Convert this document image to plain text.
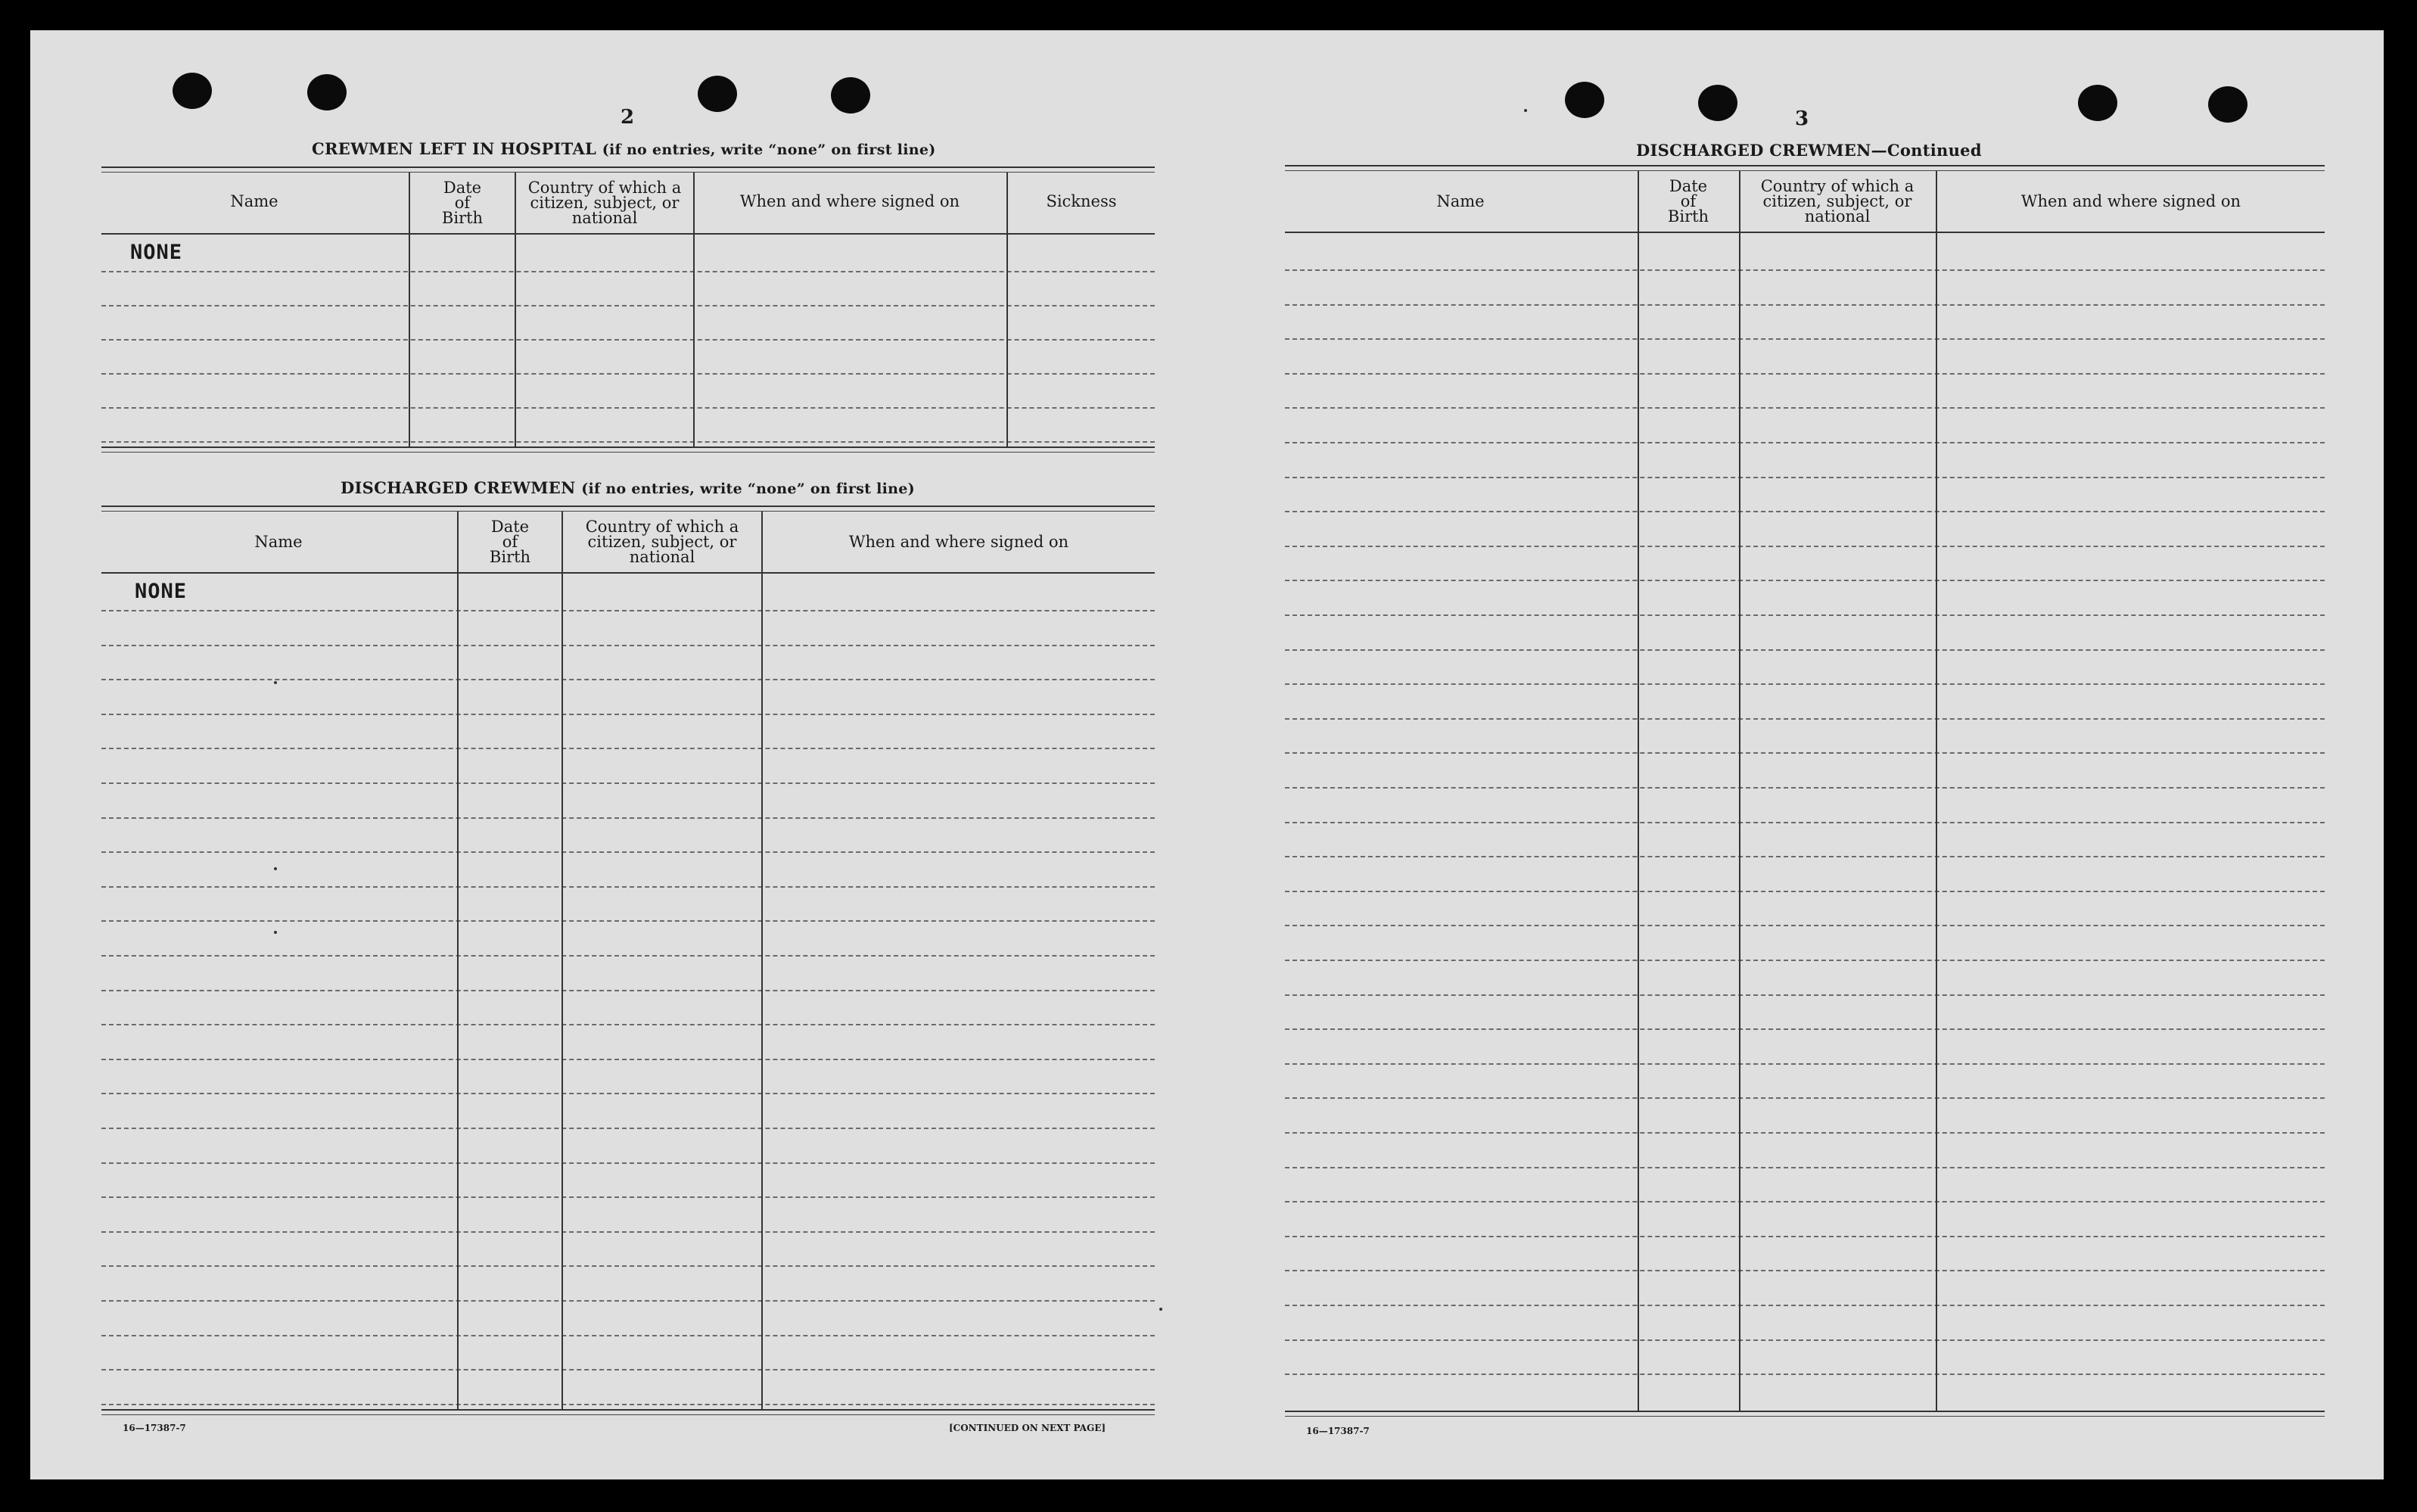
2
CREWMEN LEFT IN HOSPITAL (if no entries, write “none” on first line)
Name
Date
of
Birth
Country of which a
citizen, subject, or
national
When and where signed on	Sickness
NONE
DISCHARGED CREWMEN (if no entries, write “none” on first line)
Name
Date
of
Birth
Country of which a
citizen, subject, or
national
When and where signed on
NONE
16—17387-7	[CONTINUED ON NEXT PAGE]
3
DISCHARGED CREWMEN—Continued
Name
Date
of
Birth
Country of which a
citizen, subject, or
national
When and where signed on
16—17387-7
